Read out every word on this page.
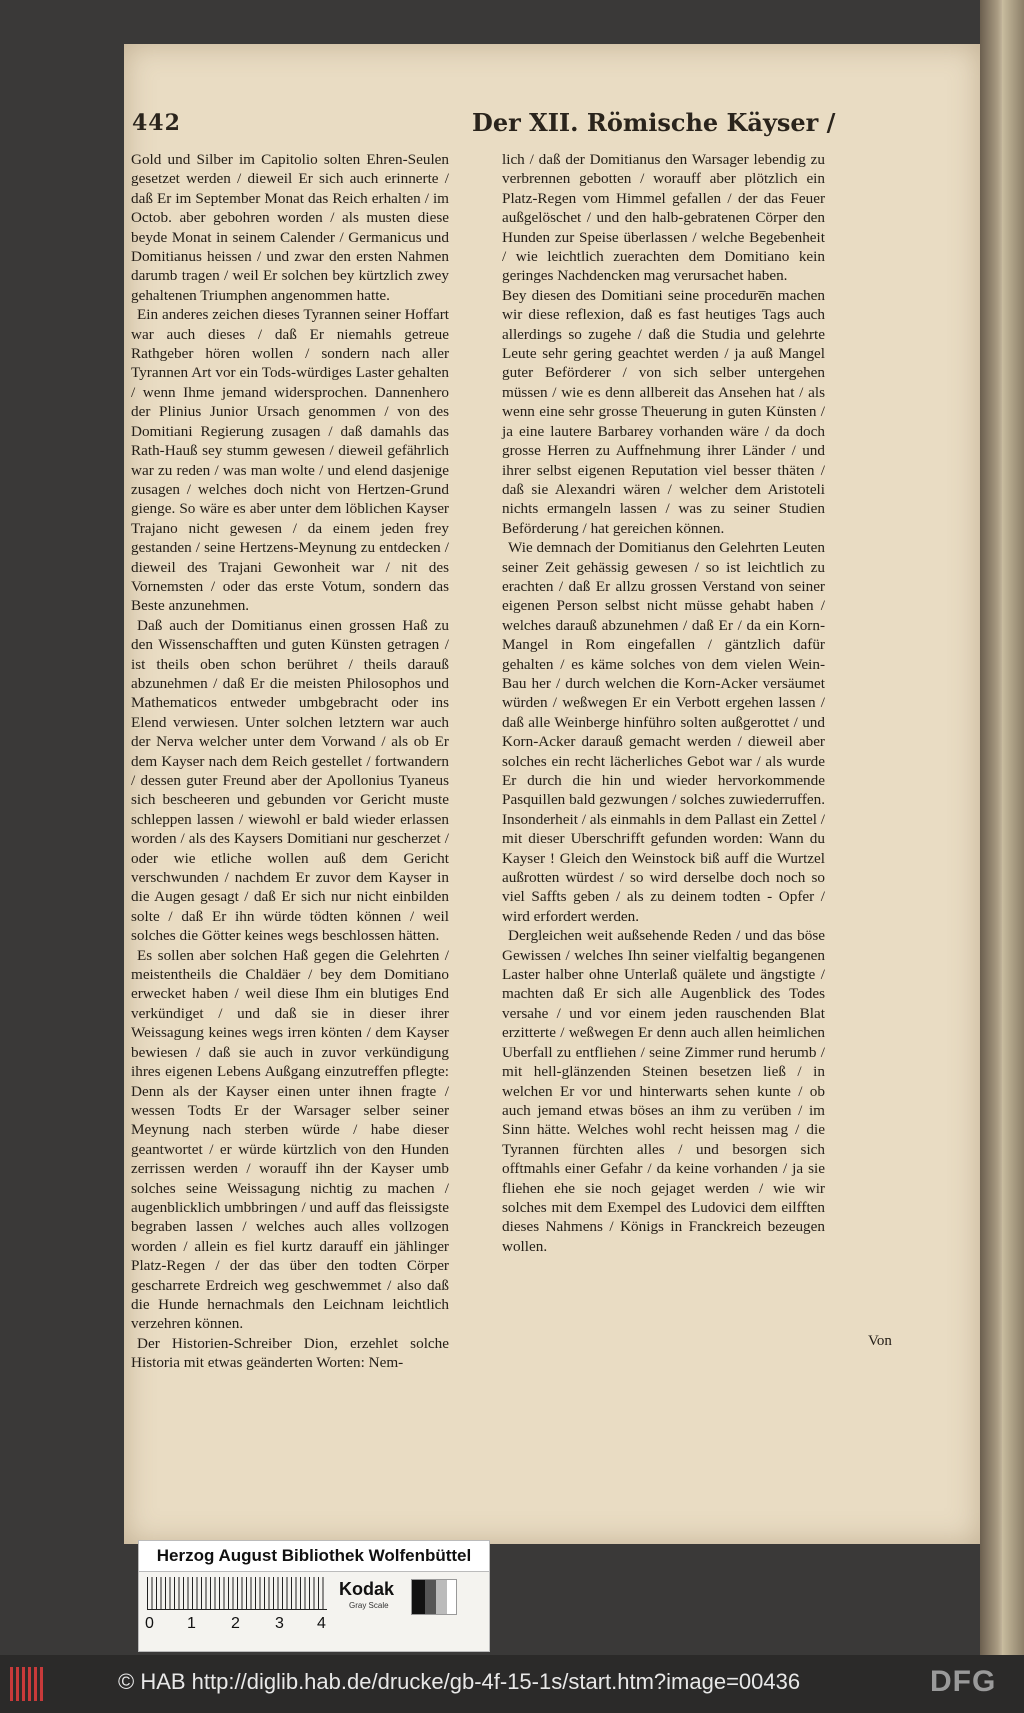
442	Der XII. Römische Käyser /

Gold und Silber im Capitolio solten Ehren-Seulen gesetzet werden / dieweil Er sich auch erinnerte / daß Er im September Monat das Reich erhalten / im Octob. aber gebohren worden / als musten diese beyde Monat in seinem Calender / Germanicus und Domitianus heissen / und zwar den ersten Nahmen darumb tragen / weil Er solchen bey kürtzlich zwey gehaltenen Triumphen angenommen hatte.

Ein anderes zeichen dieses Tyrannen seiner Hoffart war auch dieses / daß Er niemahls getreue Rathgeber hören wollen / sondern nach aller Tyrannen Art vor ein Tods-würdiges Laster gehalten / wenn Ihme jemand widersprochen. Dannenhero der Plinius Junior Ursach genommen / von des Domitiani Regierung zusagen / daß damahls das Rath-Hauß sey stumm gewesen / dieweil gefährlich war zu reden / was man wolte / und elend dasjenige zusagen / welches doch nicht von Hertzen-Grund gienge. So wäre es aber unter dem löblichen Kayser Trajano nicht gewesen / da einem jeden frey gestanden / seine Hertzens-Meynung zu entdecken / dieweil des Trajani Gewonheit war / nit des Vornemsten / oder das erste Votum, sondern das Beste anzunehmen.

Daß auch der Domitianus einen grossen Haß zu den Wissenschafften und guten Künsten getragen / ist theils oben schon berühret / theils darauß abzunehmen / daß Er die meisten Philosophos und Mathematicos entweder umbgebracht oder ins Elend verwiesen. Unter solchen letztern war auch der Nerva welcher unter dem Vorwand / als ob Er dem Kayser nach dem Reich gestellet / fortwandern / dessen guter Freund aber der Apollonius Tyaneus sich bescheeren und gebunden vor Gericht muste schleppen lassen / wiewohl er bald wieder erlassen worden / als des Kaysers Domitiani nur gescherzet / oder wie etliche wollen auß dem Gericht verschwunden / nachdem Er zuvor dem Kayser in die Augen gesagt / daß Er sich nur nicht einbilden solte / daß Er ihn würde tödten können / weil solches die Götter keines wegs beschlossen hätten.

Es sollen aber solchen Haß gegen die Gelehrten / meistentheils die Chaldäer / bey dem Domitiano erwecket haben / weil diese Ihm ein blutiges End verkündiget / und daß sie in dieser ihrer Weissagung keines wegs irren könten / dem Kayser bewiesen / daß sie auch in zuvor verkündigung ihres eigenen Lebens Außgang einzutreffen pflegte: Denn als der Kayser einen unter ihnen fragte / wessen Todts Er der Warsager selber seiner Meynung nach sterben würde / habe dieser geantwortet / er würde kürtzlich von den Hunden zerrissen werden / worauff ihn der Kayser umb solches seine Weissagung nichtig zu machen / augenblicklich umbbringen / und auff das fleissigste begraben lassen / welches auch alles vollzogen worden / allein es fiel kurtz darauff ein jählinger Platz-Regen / der das über den todten Cörper gescharrete Erdreich weg geschwemmet / also daß die Hunde hernachmals den Leichnam leichtlich verzehren können.

Der Historien-Schreiber Dion, erzehlet solche Historia mit etwas geänderten Worten: Nem-

lich / daß der Domitianus den Warsager lebendig zu verbrennen gebotten / worauff aber plötzlich ein Platz-Regen vom Himmel gefallen / der das Feuer außgelöschet / und den halb-gebratenen Cörper den Hunden zur Speise überlassen / welche Begebenheit / wie leichtlich zuerachten dem Domitiano kein geringes Nachdencken mag verursachet haben.

Bey diesen des Domitiani seine procedure̅n machen wir diese reflexion, daß es fast heutiges Tags auch allerdings so zugehe / daß die Studia und gelehrte Leute sehr gering geachtet werden / ja auß Mangel guter Beförderer / von sich selber untergehen müssen / wie es denn allbereit das Ansehen hat / als wenn eine sehr grosse Theuerung in guten Künsten / ja eine lautere Barbarey vorhanden wäre / da doch grosse Herren zu Auffnehmung ihrer Länder / und ihrer selbst eigenen Reputation viel besser thäten / daß sie Alexandri wären / welcher dem Aristoteli nichts ermangeln lassen / was zu seiner Studien Beförderung / hat gereichen können.

Wie demnach der Domitianus den Gelehrten Leuten seiner Zeit gehässig gewesen / so ist leichtlich zu erachten / daß Er allzu grossen Verstand von seiner eigenen Person selbst nicht müsse gehabt haben / welches darauß abzunehmen / daß Er / da ein Korn-Mangel in Rom eingefallen / gäntzlich dafür gehalten / es käme solches von dem vielen Wein-Bau her / durch welchen die Korn-Acker versäumet würden / weßwegen Er ein Verbott ergehen lassen / daß alle Weinberge hinführo solten außgerottet / und Korn-Acker darauß gemacht werden / dieweil aber solches ein recht lächerliches Gebot war / als wurde Er durch die hin und wieder hervorkommende Pasquillen bald gezwungen / solches zuwiederruffen. Insonderheit / als einmahls in dem Pallast ein Zettel / mit dieser Uberschrifft gefunden worden: Wann du Kayser ! Gleich den Weinstock biß auff die Wurtzel außrotten würdest / so wird derselbe doch noch so viel Saffts geben / als zu deinem todten - Opfer / wird erfordert werden.

Dergleichen weit außsehende Reden / und das böse Gewissen / welches Ihn seiner vielfaltig begangenen Laster halber ohne Unterlaß quälete und ängstigte / machten daß Er sich alle Augenblick des Todes versahe / und vor einem jeden rauschenden Blat erzitterte / weßwegen Er denn auch allen heimlichen Uberfall zu entfliehen / seine Zimmer rund herumb / mit hell-glänzenden Steinen besetzen ließ / in welchen Er vor und hinterwarts sehen kunte / ob auch jemand etwas böses an ihm zu verüben / im Sinn hätte. Welches wohl recht heissen mag / die Tyrannen fürchten alles / und besorgen sich offtmahls einer Gefahr / da keine vorhanden / ja sie fliehen ehe sie noch gejaget werden / wie wir solches mit dem Exempel des Ludovici dem eilfften dieses Nahmens / Königs in Franckreich bezeugen wollen.

Von
Herzog August Bibliothek Wolfenbüttel
0 1 2 3 4
Kodak
Gray Scale
© HAB http://diglib.hab.de/drucke/gb-4f-15-1s/start.htm?image=00436	DFG
